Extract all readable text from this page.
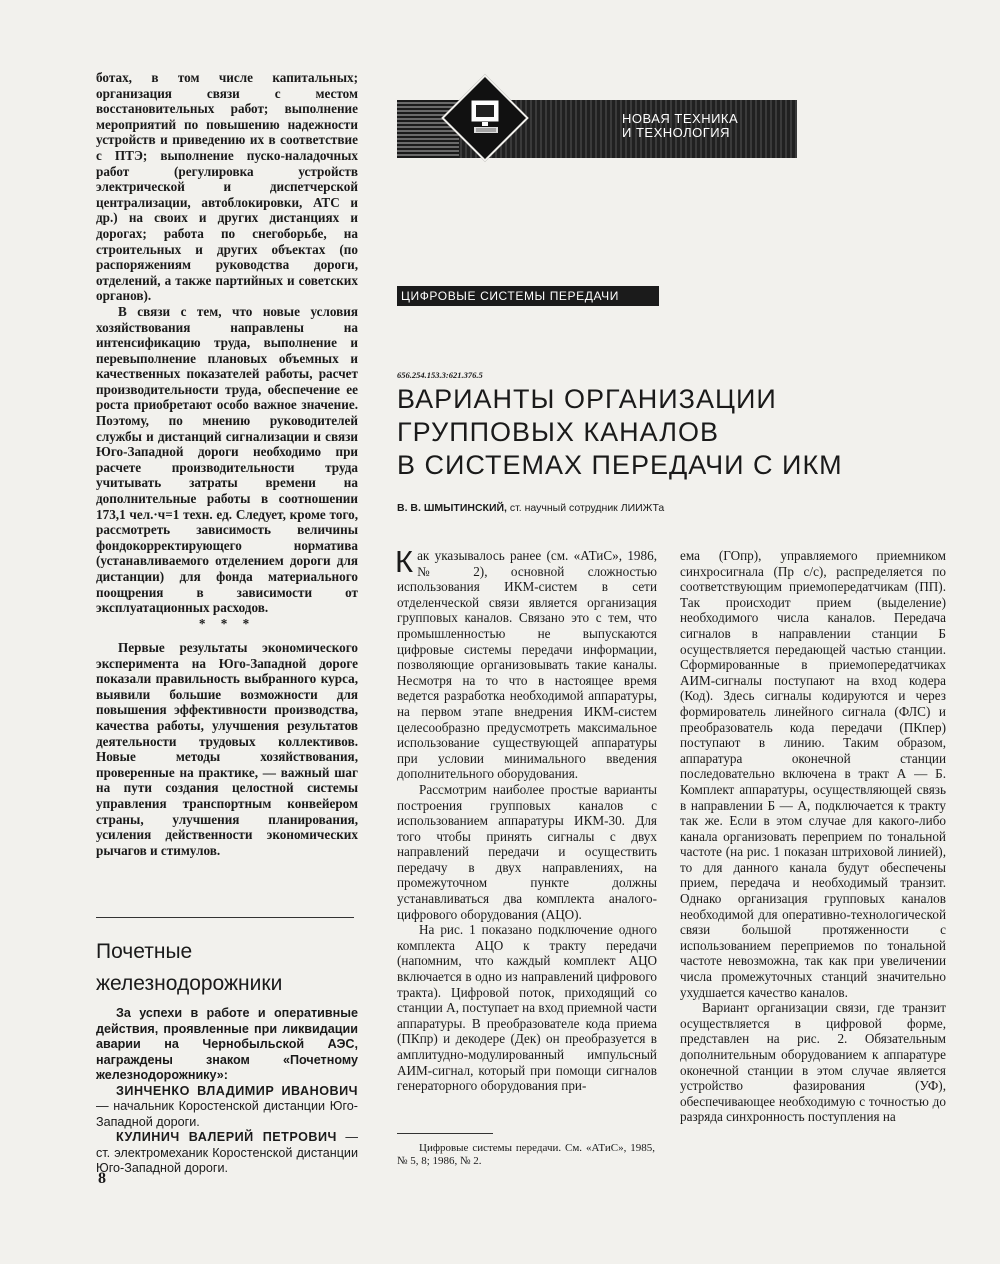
ботах, в том числе капитальных; организация связи с местом восстановительных работ; выполнение мероприятий по повышению надежности устройств и приведению их в соответствие с ПТЭ; выполнение пуско-наладочных работ (регулировка устройств электрической и диспетчерской централизации, автоблокировки, АТС и др.) на своих и других дистанциях и дорогах; работа по снегоборьбе, на строительных и других объектах (по распоряжениям руководства дороги, отделений, а также партийных и советских органов).

В связи с тем, что новые условия хозяйствования направлены на интенсификацию труда, выполнение и перевыполнение плановых объемных и качественных показателей работы, расчет производительности труда, обеспечение ее роста приобретают особо важное значение. Поэтому, по мнению руководителей службы и дистанций сигнализации и связи Юго-Западной дороги необходимо при расчете производительности труда учитывать затраты времени на дополнительные работы в соотношении 173,1 чел.·ч=1 техн. ед. Следует, кроме того, рассмотреть зависимость величины фондокорректирующего норматива (устанавливаемого отделением дороги для дистанции) для фонда материального поощрения в зависимости от эксплуатационных расходов.

* * *

Первые результаты экономического эксперимента на Юго-Западной дороге показали правильность выбранного курса, выявили большие возможности для повышения эффективности производства, качества работы, улучшения результатов деятельности трудовых коллективов. Новые методы хозяйствования, проверенные на практике, — важный шаг на пути создания целостной системы управления транспортным конвейером страны, улучшения планирования, усиления действенности экономических рычагов и стимулов.

Почетные
железнодорожники

За успехи в работе и оперативные действия, проявленные при ликвидации аварии на Чернобыльской АЭС, награждены знаком «Почетному железнодорожнику»:

ЗИНЧЕНКО ВЛАДИМИР ИВАНОВИЧ — начальник Коростенской дистанции Юго-Западной дороги.

КУЛИНИЧ ВАЛЕРИЙ ПЕТРОВИЧ — ст. электромеханик Коростенской дистанции Юго-Западной дороги.

8
НОВАЯ ТЕХНИКА
И ТЕХНОЛОГИЯ
ЦИФРОВЫЕ СИСТЕМЫ ПЕРЕДАЧИ
656.254.153.3:621.376.5
ВАРИАНТЫ ОРГАНИЗАЦИИ
ГРУППОВЫХ КАНАЛОВ
В СИСТЕМАХ ПЕРЕДАЧИ С ИКМ
В. В. ШМЫТИНСКИЙ, ст. научный сотрудник ЛИИЖТа

Как указывалось ранее (см. «АТиС», 1986, № 2), основной сложностью использования ИКМ-систем в сети отделенческой связи является организация групповых каналов. Связано это с тем, что промышленностью не выпускаются цифровые системы передачи информации, позволяющие организовывать такие каналы. Несмотря на то что в настоящее время ведется разработка необходимой аппаратуры, на первом этапе внедрения ИКМ-систем целесообразно предусмотреть максимальное использование существующей аппаратуры при условии минимального введения дополнительного оборудования.

Рассмотрим наиболее простые варианты построения групповых каналов с использованием аппаратуры ИКМ-30. Для того чтобы принять сигналы с двух направлений передачи и осуществить передачу в двух направлениях, на промежуточном пункте должны устанавливаться два комплекта аналого-цифрового оборудования (АЦО).

На рис. 1 показано подключение одного комплекта АЦО к тракту передачи (напомним, что каждый комплект АЦО включается в одно из направлений цифрового тракта). Цифровой поток, приходящий со станции А, поступает на вход приемной части аппаратуры. В преобразователе кода приема (ПКпр) и декодере (Дек) он преобразуется в амплитудно-модулированный импульсный АИМ-сигнал, который при помощи сигналов генераторного оборудования при-

Цифровые системы передачи. См. «АТиС», 1985, № 5, 8; 1986, № 2.

ема (ГОпр), управляемого приемником синхросигнала (Пр с/с), распределяется по соответствующим приемопередатчикам (ПП). Так происходит прием (выделение) необходимого числа каналов. Передача сигналов в направлении станции Б осуществляется передающей частью станции. Сформированные в приемопередатчиках АИМ-сигналы поступают на вход кодера (Код). Здесь сигналы кодируются и через формирователь линейного сигнала (ФЛС) и преобразователь кода передачи (ПКпер) поступают в линию. Таким образом, аппаратура оконечной станции последовательно включена в тракт А — Б. Комплект аппаратуры, осуществляющей связь в направлении Б — А, подключается к тракту так же. Если в этом случае для какого-либо канала организовать переприем по тональной частоте (на рис. 1 показан штриховой линией), то для данного канала будут обеспечены прием, передача и необходимый транзит. Однако организация групповых каналов необходимой для оперативно-технологической связи большой протяженности с использованием переприемов по тональной частоте невозможна, так как при увеличении числа промежуточных станций значительно ухудшается качество каналов.

Вариант организации связи, где транзит осуществляется в цифровой форме, представлен на рис. 2. Обязательным дополнительным оборудованием к аппаратуре оконечной станции в этом случае является устройство фазирования (УФ), обеспечивающее необходимую с точностью до разряда синхронность поступления на
